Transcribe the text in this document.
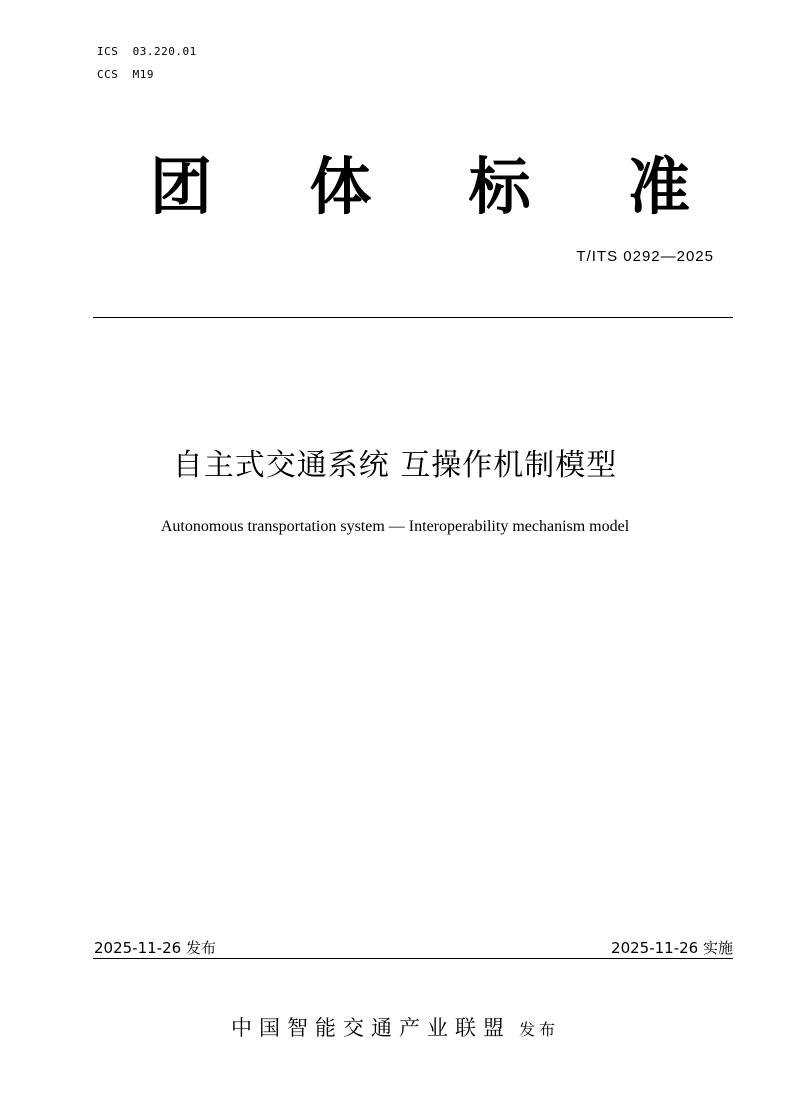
ICS  03.220.01
CCS  M19
团 体 标 准
T/ITS 0292—2025
自主式交通系统 互操作机制模型
Autonomous transportation system — Interoperability mechanism model
2025-11-26 发布	2025-11-26 实施
中国智能交通产业联盟 发布
